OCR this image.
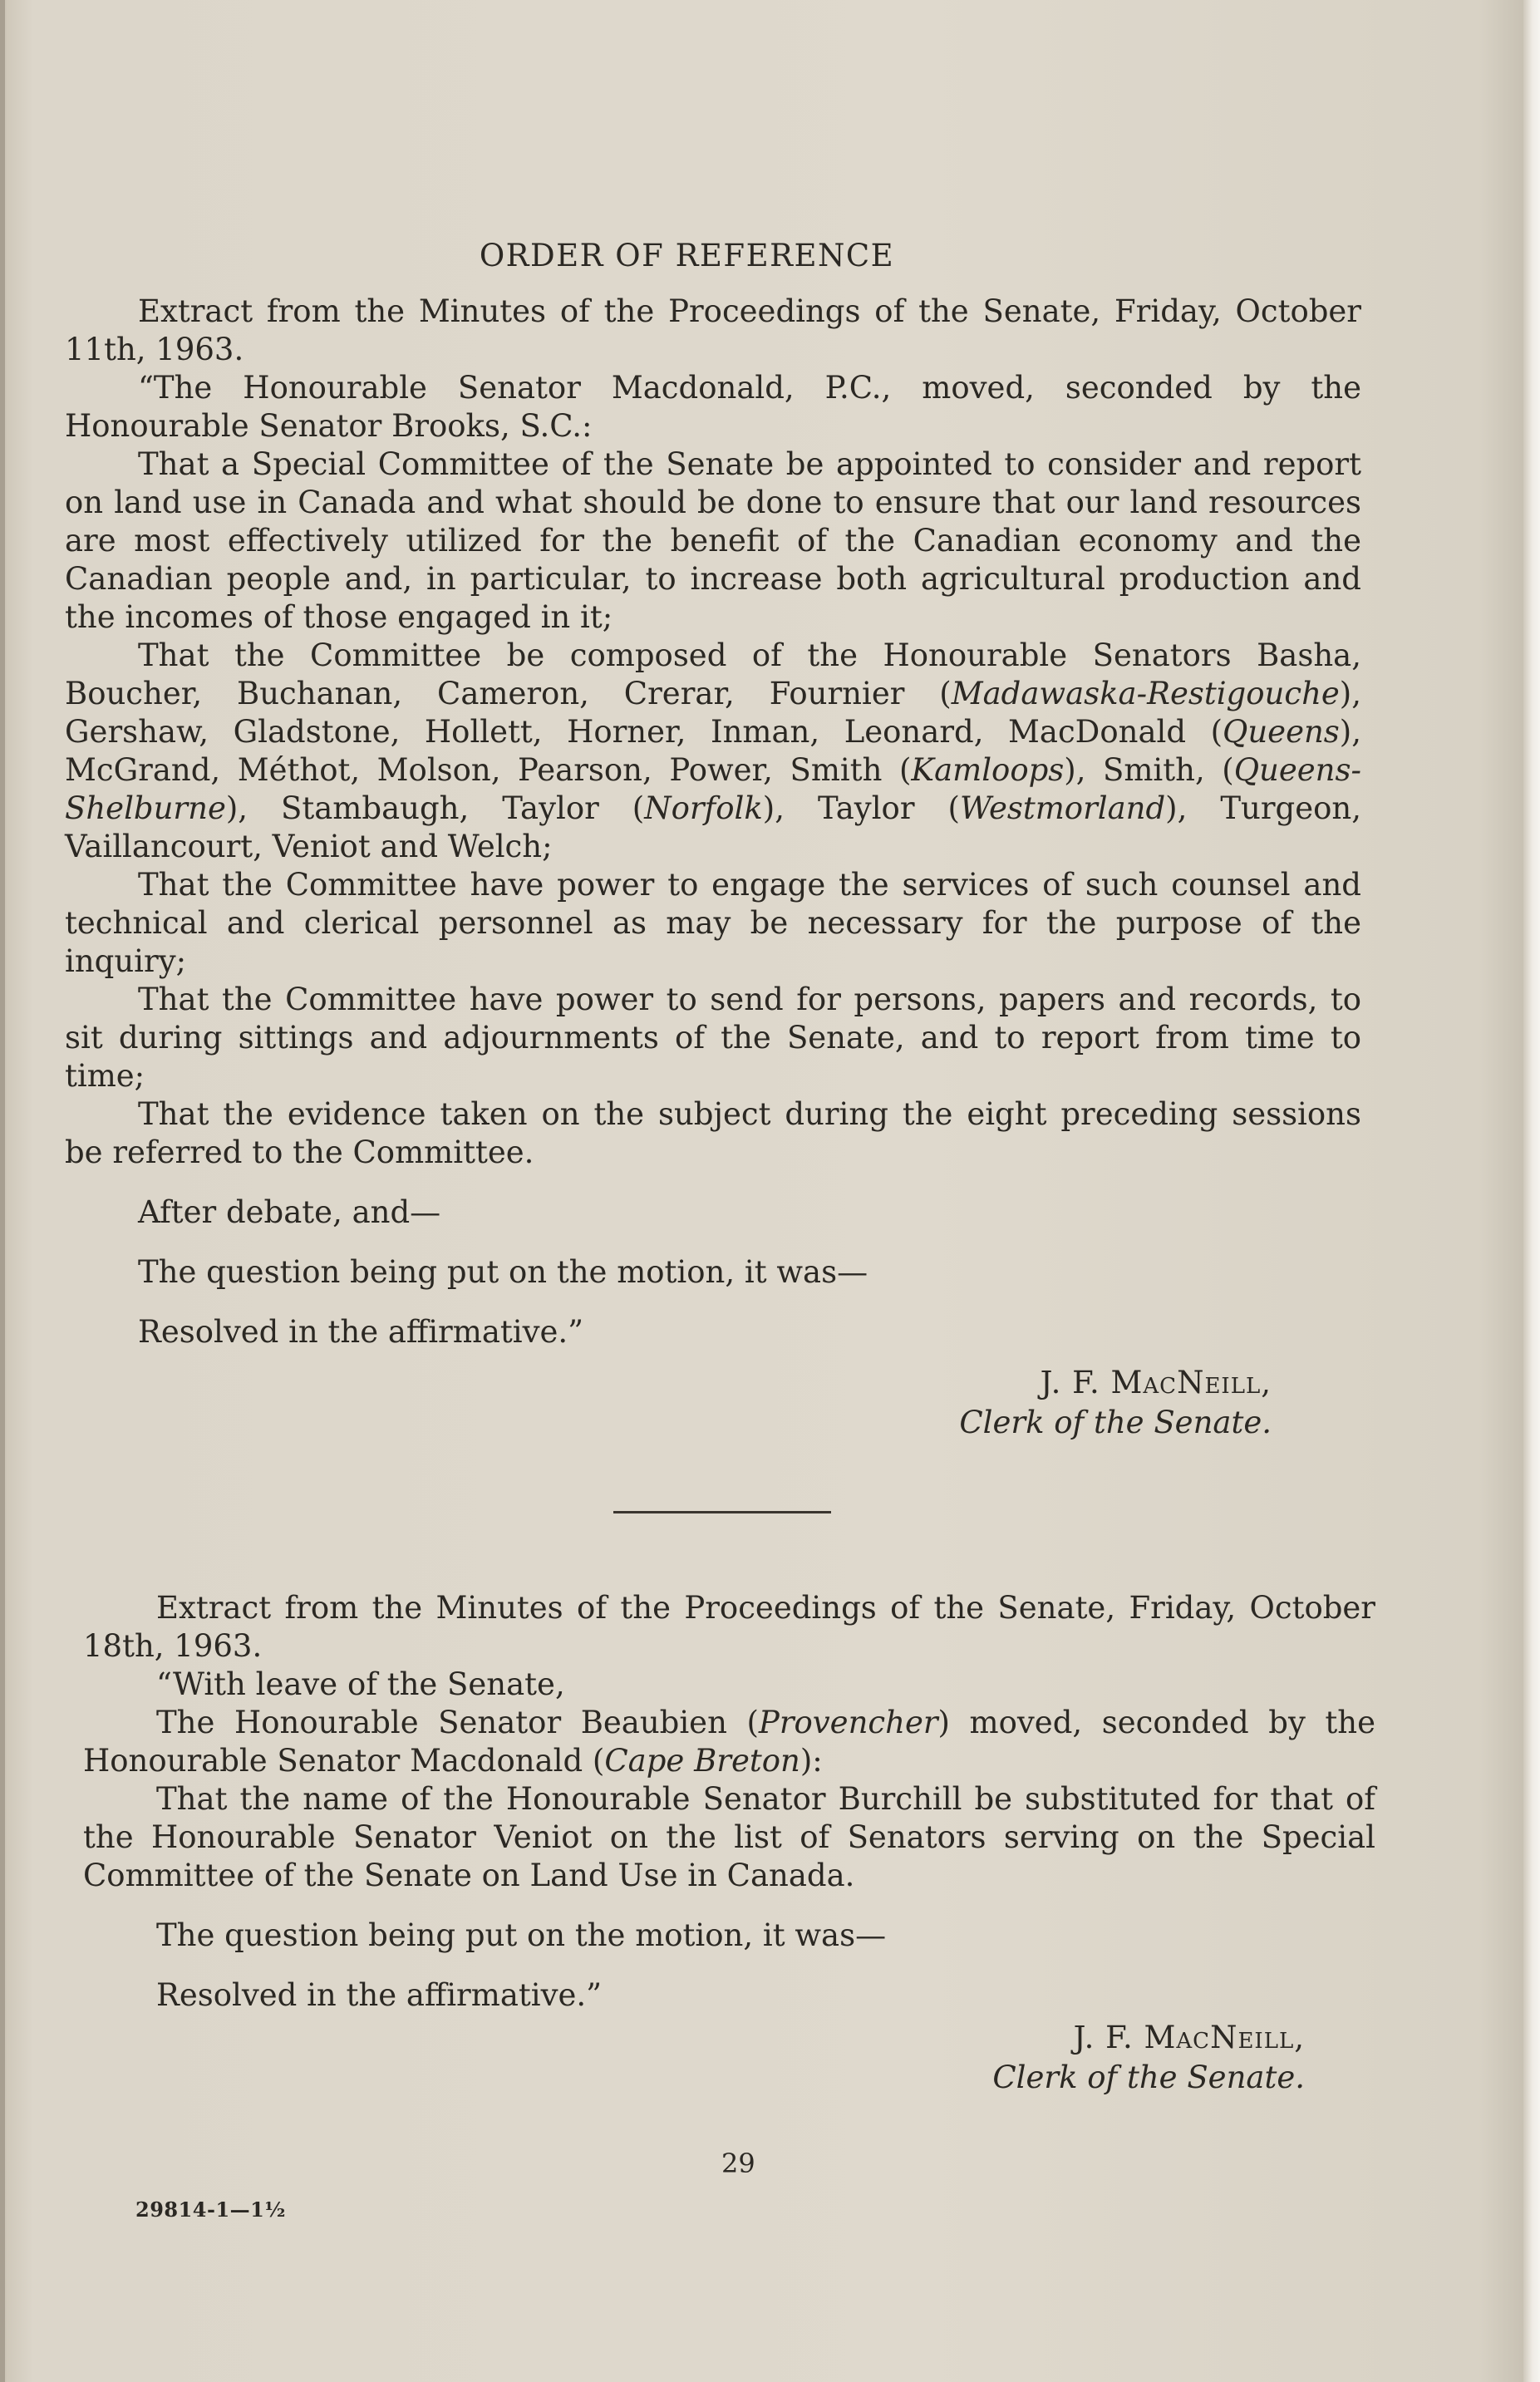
ORDER OF REFERENCE

Extract from the Minutes of the Proceedings of the Senate, Friday, October 11th, 1963.

“The Honourable Senator Macdonald, P.C., moved, seconded by the Honourable Senator Brooks, S.C.:

That a Special Committee of the Senate be appointed to consider and report on land use in Canada and what should be done to ensure that our land resources are most effectively utilized for the benefit of the Canadian economy and the Canadian people and, in particular, to increase both agricultural production and the incomes of those engaged in it;

That the Committee be composed of the Honourable Senators Basha, Boucher, Buchanan, Cameron, Crerar, Fournier (Madawaska-Restigouche), Gershaw, Gladstone, Hollett, Horner, Inman, Leonard, MacDonald (Queens), McGrand, Méthot, Molson, Pearson, Power, Smith (Kamloops), Smith, (Queens-Shelburne), Stambaugh, Taylor (Norfolk), Taylor (Westmorland), Turgeon, Vaillancourt, Veniot and Welch;

That the Committee have power to engage the services of such counsel and technical and clerical personnel as may be necessary for the purpose of the inquiry;

That the Committee have power to send for persons, papers and records, to sit during sittings and adjournments of the Senate, and to report from time to time;

That the evidence taken on the subject during the eight preceding sessions be referred to the Committee.

After debate, and—

The question being put on the motion, it was—

Resolved in the affirmative.”

J. F. MacNeill,
Clerk of the Senate.

Extract from the Minutes of the Proceedings of the Senate, Friday, October 18th, 1963.

“With leave of the Senate,

The Honourable Senator Beaubien (Provencher) moved, seconded by the Honourable Senator Macdonald (Cape Breton):

That the name of the Honourable Senator Burchill be substituted for that of the Honourable Senator Veniot on the list of Senators serving on the Special Committee of the Senate on Land Use in Canada.

The question being put on the motion, it was—

Resolved in the affirmative.”

J. F. MacNeill,
Clerk of the Senate.
29
29814-1—1½
